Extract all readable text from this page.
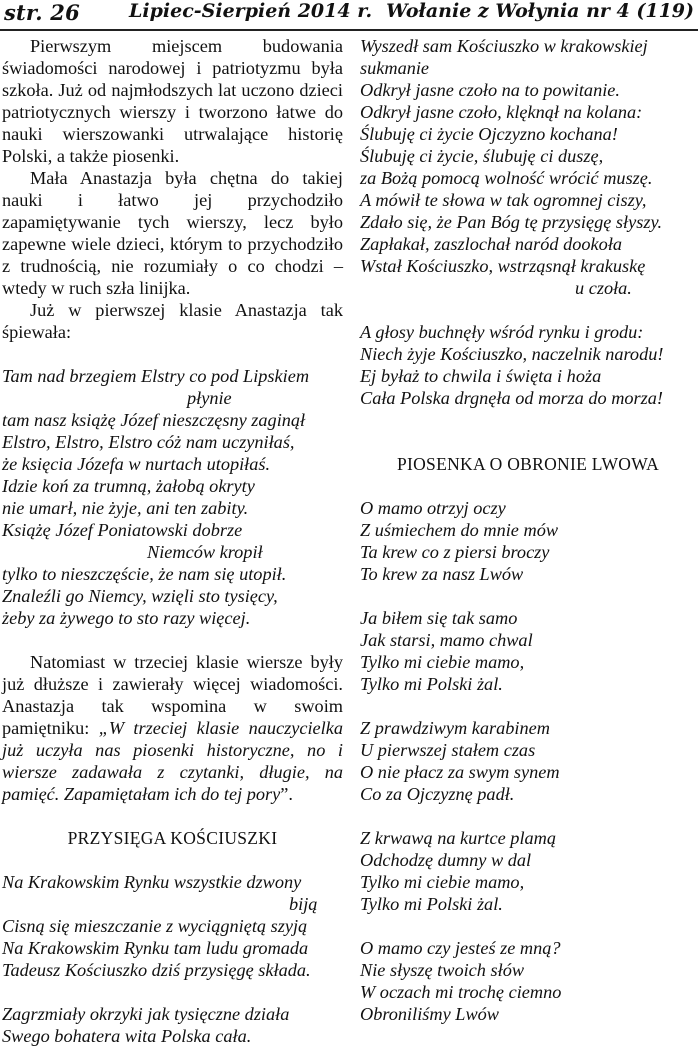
str. 26	Lipiec-Sierpień 2014 r. Wołanie z Wołynia nr 4 (119)

Pierwszym miejscem budowania świadomości narodowej i patriotyzmu była szkoła. Już od najmłodszych lat uczono dzieci patriotycznych wierszy i tworzono łatwe do nauki wierszowanki utrwalające historię Polski, a także piosenki.

Mała Anastazja była chętna do takiej nauki i łatwo jej przychodziło zapamiętywanie tych wierszy, lecz było zapewne wiele dzieci, którym to przychodziło z trudnością, nie rozumiały o co chodzi – wtedy w ruch szła linijka.

Już w pierwszej klasie Anastazja tak śpiewała:

Tam nad brzegiem Elstry co pod Lipskiem
płynie
tam nasz książę Józef nieszczęsny zaginął
Elstro, Elstro, Elstro cóż nam uczyniłaś,
że księcia Józefa w nurtach utopiłaś.
Idzie koń za trumną, żałobą okryty
nie umarł, nie żyje, ani ten zabity.
Książę Józef Poniatowski dobrze
Niemców kropił
tylko to nieszczęście, że nam się utopił.
Znaleźli go Niemcy, wzięli sto tysięcy,
żeby za żywego to sto razy więcej.

Natomiast w trzeciej klasie wiersze były już dłuższe i zawierały więcej wiadomości. Anastazja tak wspomina w swoim pamiętniku: „W trzeciej klasie nauczycielka już uczyła nas piosenki historyczne, no i wiersze zadawała z czytanki, długie, na pamięć. Zapamiętałam ich do tej pory”.

PRZYSIĘGA KOŚCIUSZKI
Na Krakowskim Rynku wszystkie dzwony
biją
Cisną się mieszczanie z wyciągniętą szyją
Na Krakowskim Rynku tam ludu gromada
Tadeusz Kościuszko dziś przysięgę składa.
Zagrzmiały okrzyki jak tysięczne działa
Swego bohatera wita Polska cała.
Wyszedł sam Kościuszko w krakowskiej
sukmanie
Odkrył jasne czoło na to powitanie.
Odkrył jasne czoło, klęknął na kolana:
Ślubuję ci życie Ojczyzno kochana!
Ślubuję ci życie, ślubuję ci duszę,
za Bożą pomocą wolność wrócić muszę.
A mówił te słowa w tak ogromnej ciszy,
Zdało się, że Pan Bóg tę przysięgę słyszy.
Zapłakał, zaszlochał naród dookoła
Wstał Kościuszko, wstrząsnął krakuskę
u czoła.
A głosy buchnęły wśród rynku i grodu:
Niech żyje Kościuszko, naczelnik narodu!
Ej byłaż to chwila i święta i hoża
Cała Polska drgnęła od morza do morza!
PIOSENKA O OBRONIE LWOWA
O mamo otrzyj oczy
Z uśmiechem do mnie mów
Ta krew co z piersi broczy
To krew za nasz Lwów
Ja biłem się tak samo
Jak starsi, mamo chwal
Tylko mi ciebie mamo,
Tylko mi Polski żal.
Z prawdziwym karabinem
U pierwszej stałem czas
O nie płacz za swym synem
Co za Ojczyznę padł.
Z krwawą na kurtce plamą
Odchodzę dumny w dal
Tylko mi ciebie mamo,
Tylko mi Polski żal.
O mamo czy jesteś ze mną?
Nie słyszę twoich słów
W oczach mi trochę ciemno
Obroniliśmy Lwów
